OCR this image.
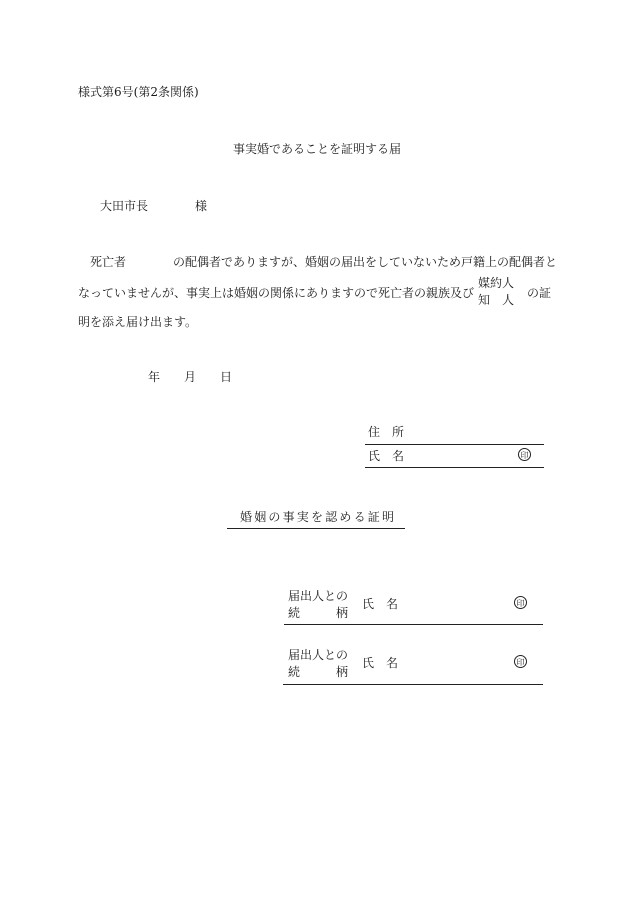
様式第6号(第2条関係)
事実婚であることを証明する届
大田市長	様
死亡者	の配偶者でありますが、婚姻の届出をしていないため戸籍上の配偶者と
なっていませんが、事実上は婚姻の関係にありますので死亡者の親族及び
媒約人
知　人 の証
明を添え届け出ます。
年 月 日
住　所
氏　名	印
婚姻の事実を認める証明
届出人との
続　　　柄
氏　名	印
届出人との
続　　　柄
氏　名	印
